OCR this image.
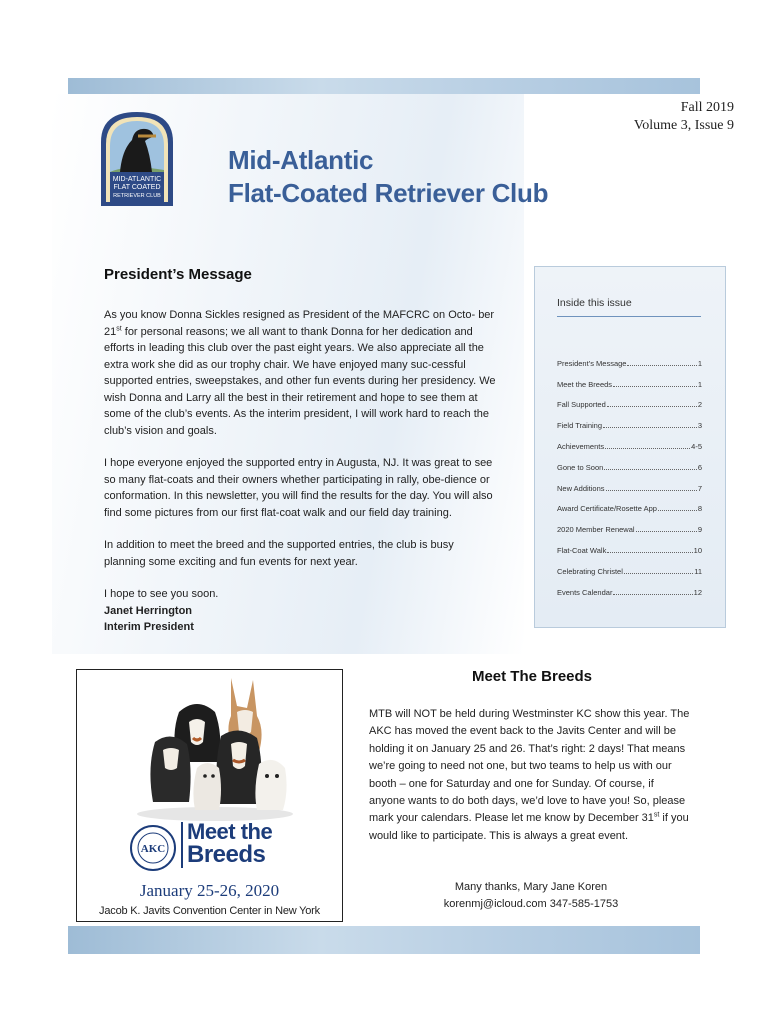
Fall 2019
Volume 3, Issue 9
MID-ATLANTIC
FLAT COATED
RETRIEVER CLUB
Mid-Atlantic
Flat-Coated Retriever Club
President’s Message

As you know Donna Sickles resigned as President of the MAFCRC on Octo- ber 21st for personal reasons; we all want to thank Donna for her dedication and efforts in leading this club over the past eight years. We also appreciate all the extra work she did as our trophy chair. We have enjoyed many suc-cessful supported entries, sweepstakes, and other fun events during her presidency. We wish Donna and Larry all the best in their retirement and hope to see them at some of the club’s events. As the interim president, I will work hard to reach the club’s vision and goals.

I hope everyone enjoyed the supported entry in Augusta, NJ. It was great to see so many flat-coats and their owners whether participating in rally, obe-dience or conformation. In this newsletter, you will find the results for the day. You will also find some pictures from our first flat-coat walk and our field day training.

In addition to meet the breed and the supported entries, the club is busy planning some exciting and fun events for next year.

I hope to see you soon.
Janet Herrington
Interim President
Inside this issue
President’s Message	1
Meet the Breeds	1
Fall Supported	2
Field Training	3
Achievements	4-5
Gone to Soon	6
New Additions	7
Award Certificate/Rosette App	8
2020 Member Renewal	9
Flat-Coat Walk	10
Celebrating Christel	11
Events Calendar	12
AKC
Meet the
Breeds
January 25-26, 2020
Jacob K. Javits Convention Center in New York
Meet The Breeds
MTB will NOT be held during Westminster KC show this year. The AKC has moved the event back to the Javits Center and will be holding it on January 25 and 26. That’s right: 2 days! That means we’re going to need not one, but two teams to help us with our booth – one for Saturday and one for Sunday. Of course, if anyone wants to do both days, we’d love to have you! So, please mark your calendars. Please let me know by December 31st if you would like to participate. This is always a great event.
Many thanks, Mary Jane Koren
korenmj@icloud.com 347-585-1753
